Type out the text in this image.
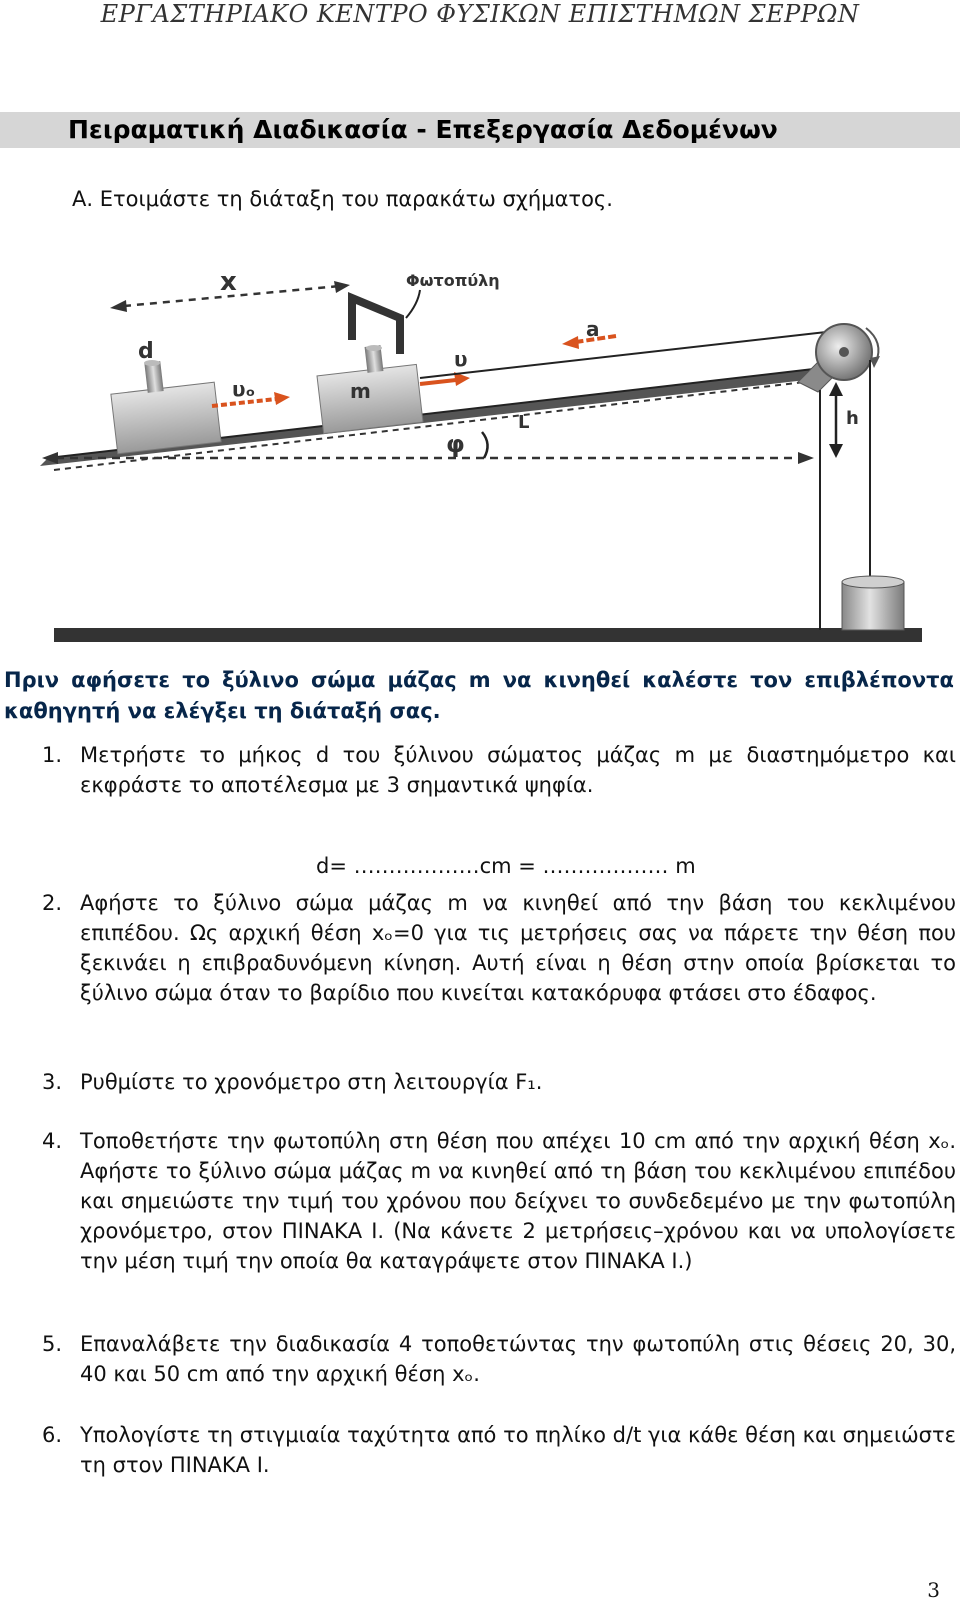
ΕΡΓΑΣΤΗΡΙΑΚΟ ΚΕΝΤΡΟ ΦΥΣΙΚΩΝ ΕΠΙΣΤΗΜΩΝ ΣΕΡΡΩΝ
Πειραματική Διαδικασία - Επεξεργασία Δεδομένων
Α. Ετοιμάστε τη διάταξη του παρακάτω σχήματος.
x	Φωτοπύλη
d
υₒ	m
υ
a
φ
L	h
Πριν αφήσετε το ξύλινο σώμα μάζας m να κινηθεί καλέστε τον επιβλέποντα καθηγητή να ελέγξει τη διάταξή σας.
1. Μετρήστε το μήκος d του ξύλινου σώματος μάζας m με διαστημόμετρο και εκφράστε το αποτέλεσμα με 3 σημαντικά ψηφία.
d= ………………cm = ……………… m
2. Αφήστε το ξύλινο σώμα μάζας m να κινηθεί από την βάση του κεκλιμένου επιπέδου. Ως αρχική θέση xₒ=0 για τις μετρήσεις σας να πάρετε την θέση που ξεκινάει η επιβραδυνόμενη κίνηση. Αυτή είναι η θέση στην οποία βρίσκεται το ξύλινο σώμα όταν το βαρίδιο που κινείται κατακόρυφα φτάσει στο έδαφος.
3. Ρυθμίστε το χρονόμετρο στη λειτουργία F₁.
4. Τοποθετήστε την φωτοπύλη στη θέση που απέχει 10 cm από την αρχική θέση xₒ. Αφήστε το ξύλινο σώμα μάζας m να κινηθεί από τη βάση του κεκλιμένου επιπέδου και σημειώστε την τιμή του χρόνου που δείχνει το συνδεδεμένο με την φωτοπύλη χρονόμετρο, στον ΠΙΝΑΚΑ Ι. (Να κάνετε 2 μετρήσεις–χρόνου και να υπολογίσετε την μέση τιμή την οποία θα καταγράψετε στον ΠΙΝΑΚΑ Ι.)
5. Επαναλάβετε την διαδικασία 4 τοποθετώντας την φωτοπύλη στις θέσεις 20, 30, 40 και 50 cm από την αρχική θέση xₒ.
6. Υπολογίστε τη στιγμιαία ταχύτητα από το πηλίκο d/t για κάθε θέση και σημειώστε τη στον ΠΙΝΑΚΑ Ι.
3
